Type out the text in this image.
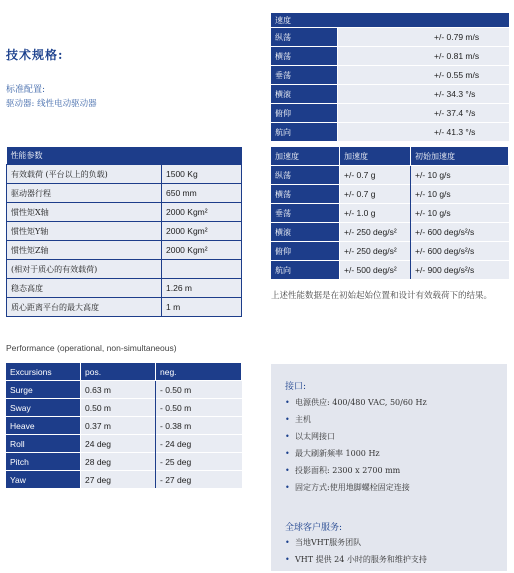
技术规格:
标准配置:
驱动器: 线性电动驱动器
性能参数	
有效载荷 (平台以上的负载)	1500 Kg
驱动器行程	650 mm
惯性矩X轴	2000 Kgm²
惯性矩Y轴	2000 Kgm²
惯性矩Z轴	2000 Kgm²
(相对于质心的有效载荷)	
稳态高度	1.26 m
质心距离平台的最大高度	1 m
速度	
纵荡	+/- 0.79 m/s
横荡	+/- 0.81 m/s
垂荡	+/- 0.55 m/s
横滚	+/- 34.3 °/s
俯仰	+/- 37.4 °/s
航向	+/- 41.3 °/s
加速度	加速度	初始加速度
纵荡	+/- 0.7 g	+/- 10 g/s
横荡	+/- 0.7 g	+/- 10 g/s
垂荡	+/- 1.0 g	+/- 10 g/s
横滚	+/- 250 deg/s²	+/- 600 deg/s²/s
俯仰	+/- 250 deg/s²	+/- 600 deg/s²/s
航向	+/- 500 deg/s²	+/- 900 deg/s²/s
上述性能数据是在初始起始位置和设计有效载荷下的结果。
Performance (operational, non-simultaneous)
Excursions	pos.	neg.
Surge	0.63 m	- 0.50 m
Sway	0.50 m	- 0.50 m
Heave	0.37 m	- 0.38 m
Roll	24 deg	- 24 deg
Pitch	28 deg	- 25 deg
Yaw	27 deg	- 27 deg
接口:
• 电源供应: 400/480 VAC, 50/60 Hz
• 主机
• 以太网接口
• 最大刷新频率 1000 Hz
• 投影面积: 2300 x 2700 mm
• 固定方式:使用地脚螺栓固定连接
全球客户服务:
• 当地VHT服务团队
• VHT 提供 24 小时的服务和维护支持
